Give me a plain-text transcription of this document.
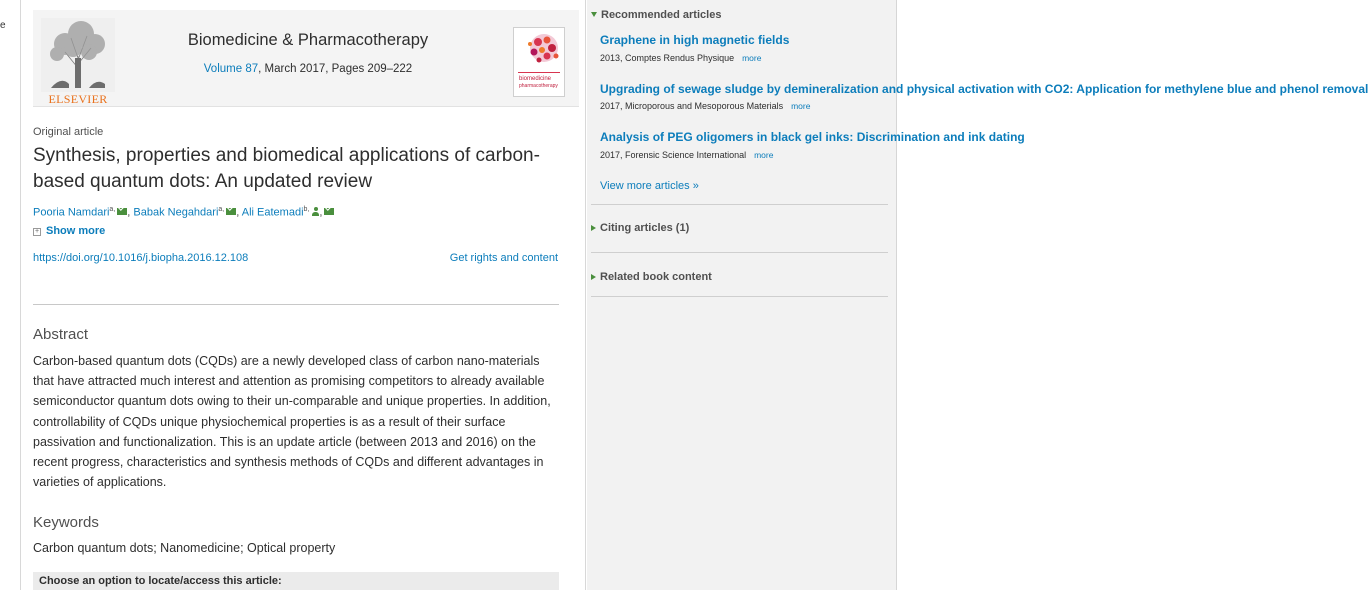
e
ELSEVIER
Biomedicine & Pharmacotherapy
Volume 87, March 2017, Pages 209–222
biomedicine
pharmacotherapy
Original article
Synthesis, properties and biomedical applications of carbon-based quantum dots: An updated review
Pooria Namdari$^{a,}$ , Babak Negahdari$^{a,}$ , Ali Eatemadi$^{b,}$ ,
+ Show more
https://doi.org/10.1016/j.biopha.2016.12.108	Get rights and content
Abstract

Carbon-based quantum dots (CQDs) are a newly developed class of carbon nano-materials that have attracted much interest and attention as promising competitors to already available semiconductor quantum dots owing to their un-comparable and unique properties. In addition, controllability of CQDs unique physiochemical properties is as a result of their surface passivation and functionalization. This is an update article (between 2013 and 2016) on the recent progress, characteristics and synthesis methods of CQDs and different advantages in varieties of applications.

Keywords
Carbon quantum dots; Nanomedicine; Optical property
Choose an option to locate/access this article:
Recommended articles
Graphene in high magnetic fields
2013, Comptes Rendus Physique more
Upgrading of sewage sludge by demineralization and physical activation with CO2: Application for methylene blue and phenol removal
2017, Microporous and Mesoporous Materials more
Analysis of PEG oligomers in black gel inks: Discrimination and ink dating
2017, Forensic Science International more
View more articles »
Citing articles (1)
Related book content
